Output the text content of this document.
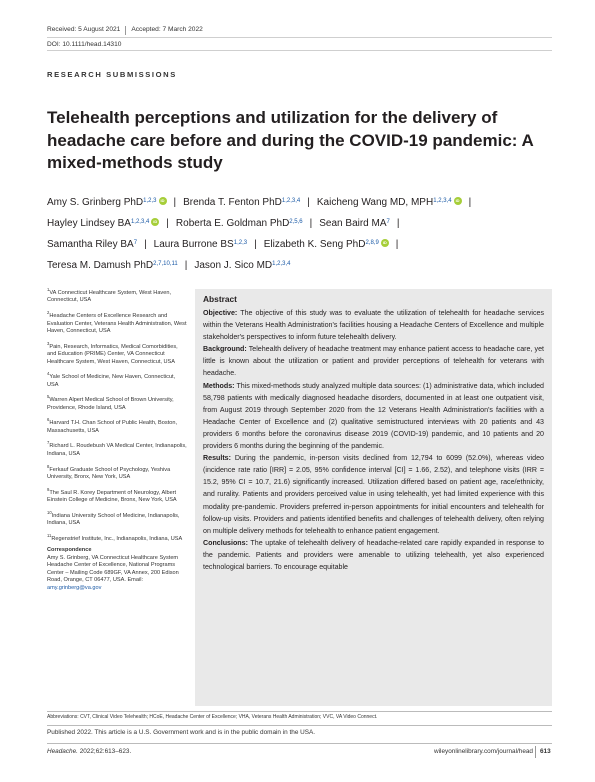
Received: 5 August 2021 Accepted: 7 March 2022
DOI: 10.1111/head.14310
RESEARCH SUBMISSIONS
Telehealth perceptions and utilization for the delivery of headache care before and during the COVID-19 pandemic: A mixed-methods study
Amy S. Grinberg PhD$^{1,2,3}$ iD | Brenda T. Fenton PhD$^{1,2,3,4}$ | Kaicheng Wang MD, MPH$^{1,2,3,4}$ iD |
Hayley Lindsey BA$^{1,2,3,4}$ iD | Roberta E. Goldman PhD$^{2,5,6}$ | Sean Baird $MA^7$ |
Samantha Riley $BA^7$ | Laura Burrone BS$^{1,2,3}$ | Elizabeth K. Seng PhD$^{2,8,9}$ iD |
Teresa M. Damush PhD$^{2,7,10,11}$ | Jason J. Sico MD$^{1,2,3,4}$
$^1$VA Connecticut Healthcare System, West Haven, Connecticut, USA
$^2$Headache Centers of Excellence Research and Evaluation Center, Veterans Health Administration, West Haven, Connecticut, USA
$^3$Pain, Research, Informatics, Medical Comorbidities, and Education (PRIME) Center, VA Connecticut Healthcare System, West Haven, Connecticut, USA
$^4$Yale School of Medicine, New Haven, Connecticut, USA
$^5$Warren Alpert Medical School of Brown University, Providence, Rhode Island, USA
$^6$Harvard T.H. Chan School of Public Health, Boston, Massachusetts, USA
$^7$Richard L. Roudebush VA Medical Center, Indianapolis, Indiana, USA
$^8$Ferkauf Graduate School of Psychology, Yeshiva University, Bronx, New York, USA
$^9$The Saul R. Korey Department of Neurology, Albert Einstein College of Medicine, Bronx, New York, USA
$^{10}$Indiana University School of Medicine, Indianapolis, Indiana, USA
$^{11}$Regenstrief Institute, Inc., Indianapolis, Indiana, USA
Correspondence
Amy S. Grinberg, VA Connecticut Healthcare System Headache Center of Excellence, National Programs Center – Mailing Code 689GF, VA Annex, 200 Edison Road, Orange, CT 06477, USA. Email: amy.grinberg@va.gov
Abstract

Objective: The objective of this study was to evaluate the utilization of telehealth for headache services within the Veterans Health Administration's facilities housing a Headache Centers of Excellence and multiple stakeholder's perspectives to inform future telehealth delivery.

Background: Telehealth delivery of headache treatment may enhance patient access to headache care, yet little is known about the utilization or patient and provider perceptions of telehealth for veterans with headache.

Methods: This mixed-methods study analyzed multiple data sources: (1) administrative data, which included 58,798 patients with medically diagnosed headache disorders, documented in at least one outpatient visit, from August 2019 through September 2020 from the 12 Veterans Health Administration's facilities with a Headache Center of Excellence and (2) qualitative semistructured interviews with 20 patients and 43 providers 6 months before the coronavirus disease 2019 (COVID-19) pandemic, and 10 patients and 20 providers 6 months during the beginning of the pandemic.

Results: During the pandemic, in-person visits declined from 12,794 to 6099 (52.0%), whereas video (incidence rate ratio [IRR] = 2.05, 95% confidence interval [CI] = 1.66, 2.52), and telephone visits (IRR = 15.2, 95% CI = 10.7, 21.6) significantly increased. Utilization differed based on patient age, race/ethnicity, and rurality. Patients and providers perceived value in using telehealth, yet had limited experience with this modality pre-pandemic. Providers preferred in-person appointments for initial encounters and telehealth for follow-up visits. Providers and patients identified benefits and challenges of telehealth delivery, often relying on multiple delivery methods for telehealth to enhance patient engagement.

Conclusions: The uptake of telehealth delivery of headache-related care rapidly expanded in response to the pandemic. Patients and providers were amenable to utilizing telehealth, yet also experienced technological barriers. To encourage equitable

Abbreviations: CVT, Clinical Video Telehealth; HCoE, Headache Center of Excellence; VHA, Veterans Health Administration; VVC, VA Video Connect.
Published 2022. This article is a U.S. Government work and is in the public domain in the USA.
Headache. 2022;62:613–623.	wileyonlinelibrary.com/journal/head 613
